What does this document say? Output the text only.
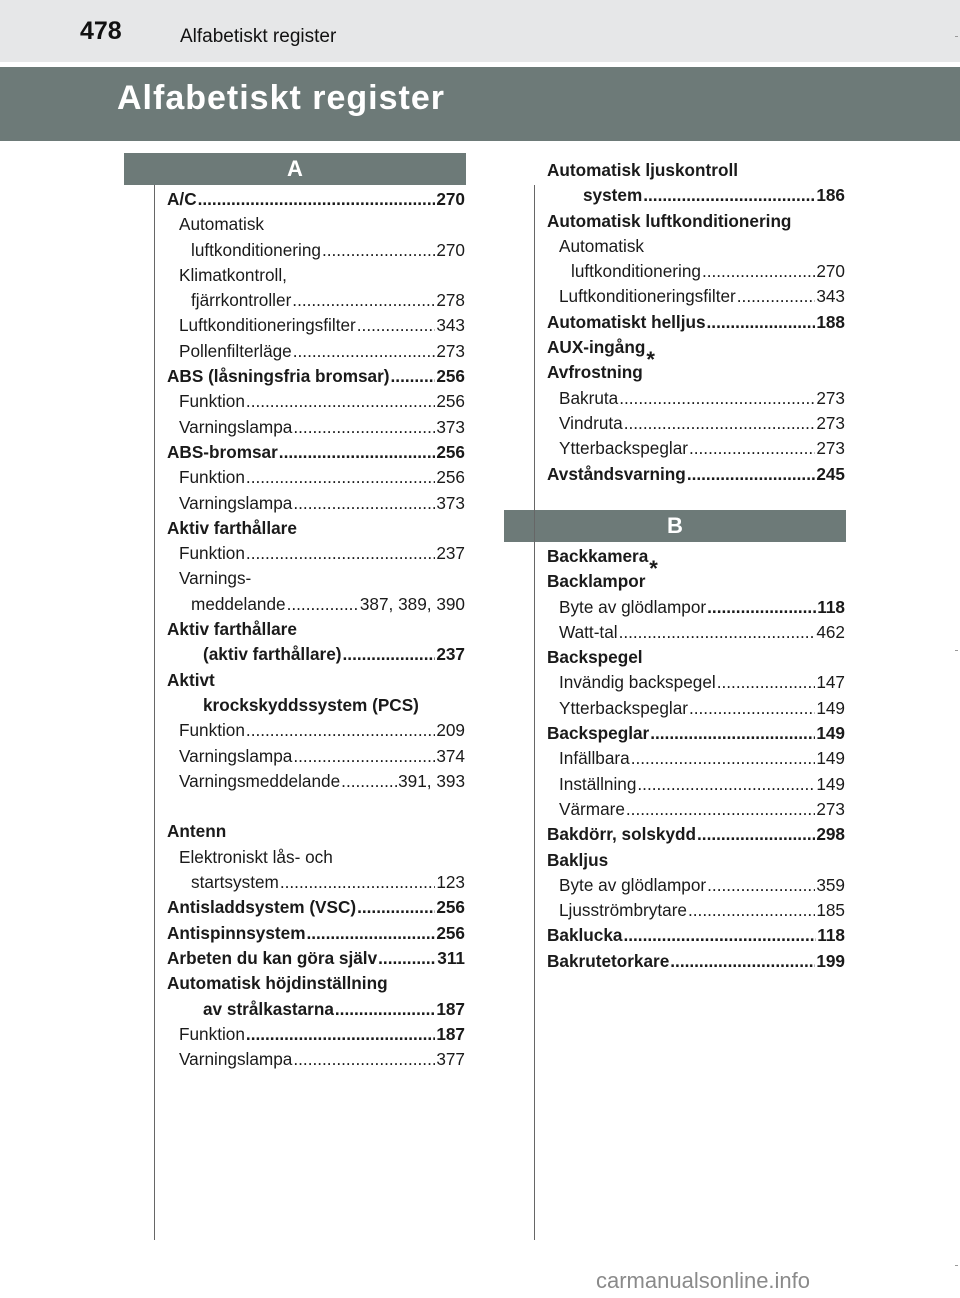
478	Alfabetiskt register
Alfabetiskt register
A
B
A/C .....	270
Automatisk
luftkonditionering .....	270
Klimatkontroll,
fjärrkontroller .....	278
Luftkonditioneringsfilter .....	343
Pollenfilterläge .....	273
ABS (låsningsfria bromsar) .....	256
Funktion .....	256
Varningslampa .....	373
ABS-bromsar .....	256
Funktion .....	256
Varningslampa .....	373
Aktiv farthållare
Funktion .....	237
Varnings-
meddelande .....	387, 389, 390
Aktiv farthållare
(aktiv farthållare) .....	237
Aktivt
krockskyddssystem (PCS)
Funktion .....	209
Varningslampa .....	374
Varningsmeddelande .....	391, 393
Antenn
Elektroniskt lås- och
startsystem .....	123
Antisladdsystem (VSC) .....	256
Antispinnsystem .....	256
Arbeten du kan göra själv .....	311
Automatisk höjdinställning
av strålkastarna .....	187
Funktion .....	187
Varningslampa .....	377
Automatisk ljuskontroll
system .....	186
Automatisk luftkonditionering
Automatisk
luftkonditionering .....	270
Luftkonditioneringsfilter .....	343
Automatiskt helljus .....	188
AUX-ingång
*
Avfrostning
Bakruta .....	273
Vindruta .....	273
Ytterbackspeglar .....	273
Avståndsvarning .....	245
Backkamera
*
Backlampor
Byte av glödlampor .....	118
Watt-tal .....	462
Backspegel
Invändig backspegel .....	147
Ytterbackspeglar .....	149
Backspeglar .....	149
Infällbara .....	149
Inställning .....	149
Värmare .....	273
Bakdörr, solskydd .....	298
Bakljus
Byte av glödlampor .....	359
Ljusströmbrytare .....	185
Baklucka .....	118
Bakrutetorkare .....	199
carmanualsonline.info
